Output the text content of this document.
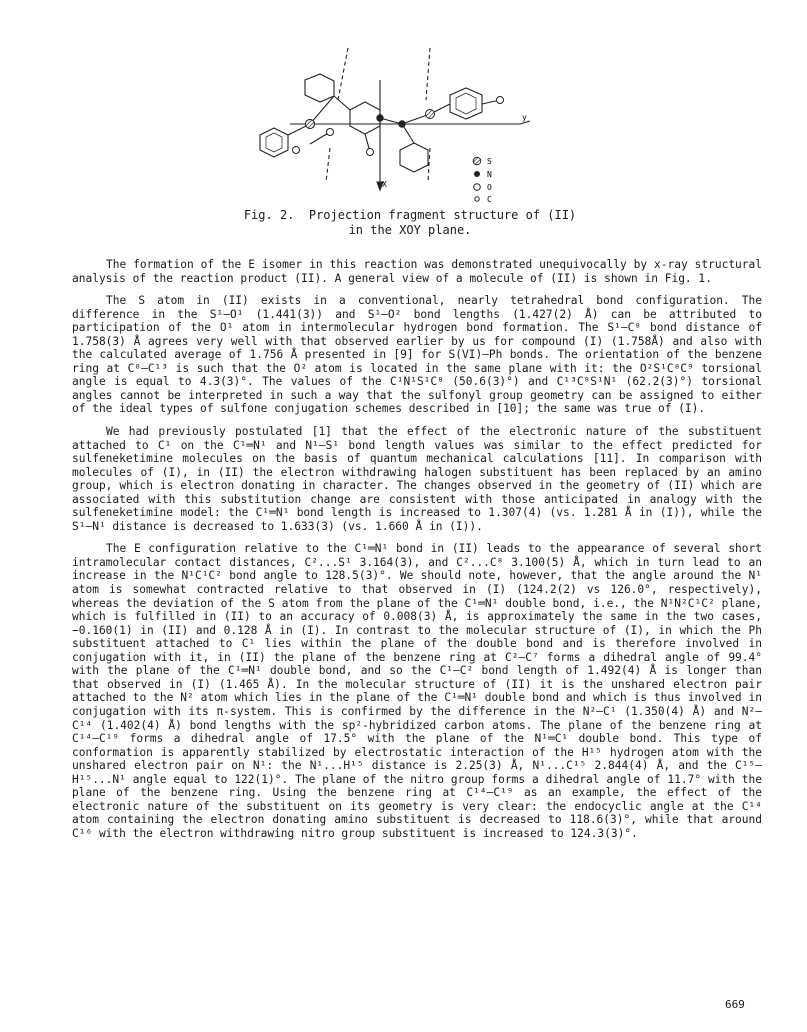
X
y
S
N
O
C
Fig. 2.  Projection fragment structure of (II)
in the XOY plane.

The formation of the E isomer in this reaction was demonstrated unequivocally by x-ray structural analysis of the reaction product (II). A general view of a molecule of (II) is shown in Fig. 1.

The S atom in (II) exists in a conventional, nearly tetrahedral bond configuration. The difference in the S¹—O¹ (1.441(3)) and S¹—O² bond lengths (1.427(2) Å) can be attributed to participation of the O¹ atom in intermolecular hydrogen bond formation. The S¹—C⁸ bond distance of 1.758(3) Å agrees very well with that observed earlier by us for compound (I) (1.758Å) and also with the calculated average of 1.756 Å presented in [9] for S(VI)—Ph bonds. The orientation of the benzene ring at C⁸—C¹³ is such that the O² atom is located in the same plane with it: the O²S¹C⁸C⁹ torsional angle is equal to 4.3(3)°. The values of the C¹N¹S¹C⁸ (50.6(3)°) and C¹³C⁸S¹N¹ (62.2(3)°) torsional angles cannot be interpreted in such a way that the sulfonyl group geometry can be assigned to either of the ideal types of sulfone conjugation schemes described in [10]; the same was true of (I).

We had previously postulated [1] that the effect of the electronic nature of the substituent attached to C¹ on the C¹═N¹ and N¹—S¹ bond length values was similar to the effect predicted for sulfeneketimine molecules on the basis of quantum mechanical calculations [11]. In comparison with molecules of (I), in (II) the electron withdrawing halogen substituent has been replaced by an amino group, which is electron donating in character. The changes observed in the geometry of (II) which are associated with this substitution change are consistent with those anticipated in analogy with the sulfeneketimine model: the C¹═N¹ bond length is increased to 1.307(4) (vs. 1.281 Å in (I)), while the S¹—N¹ distance is decreased to 1.633(3) (vs. 1.660 Å in (I)).

The E configuration relative to the C¹═N¹ bond in (II) leads to the appearance of several short intramolecular contact distances, C²...S¹ 3.164(3), and C²...C⁸ 3.100(5) Å, which in turn lead to an increase in the N¹C¹C² bond angle to 128.5(3)°. We should note, however, that the angle around the N¹ atom is somewhat contracted relative to that observed in (I) (124.2(2) vs 126.0°, respectively), whereas the deviation of the S atom from the plane of the C¹═N¹ double bond, i.e., the N¹N²C¹C² plane, which is fulfilled in (II) to an accuracy of 0.008(3) Å, is approximately the same in the two cases, −0.160(1) in (II) and 0.128 Å in (I). In contrast to the molecular structure of (I), in which the Ph substituent attached to C¹ lies within the plane of the double bond and is therefore involved in conjugation with it, in (II) the plane of the benzene ring at C²—C⁷ forms a dihedral angle of 99.4° with the plane of the C¹═N¹ double bond, and so the C¹—C² bond length of 1.492(4) Å is longer than that observed in (I) (1.465 Å). In the molecular structure of (II) it is the unshared electron pair attached to the N² atom which lies in the plane of the C¹═N¹ double bond and which is thus involved in conjugation with its π-system. This is confirmed by the difference in the N²—C¹ (1.350(4) Å) and N²—C¹⁴ (1.402(4) Å) bond lengths with the sp²-hybridized carbon atoms. The plane of the benzene ring at C¹⁴—C¹⁹ forms a dihedral angle of 17.5° with the plane of the N¹═C¹ double bond. This type of conformation is apparently stabilized by electrostatic interaction of the H¹⁵ hydrogen atom with the unshared electron pair on N¹: the N¹...H¹⁵ distance is 2.25(3) Å, N¹...C¹⁵ 2.844(4) Å, and the C¹⁵—H¹⁵...N¹ angle equal to 122(1)°. The plane of the nitro group forms a dihedral angle of 11.7° with the plane of the benzene ring. Using the benzene ring at C¹⁴—C¹⁹ as an example, the effect of the electronic nature of the substituent on its geometry is very clear: the endocyclic angle at the C¹⁴ atom containing the electron donating amino substituent is decreased to 118.6(3)°, while that around C¹⁶ with the electron withdrawing nitro group substituent is increased to 124.3(3)°.

669
